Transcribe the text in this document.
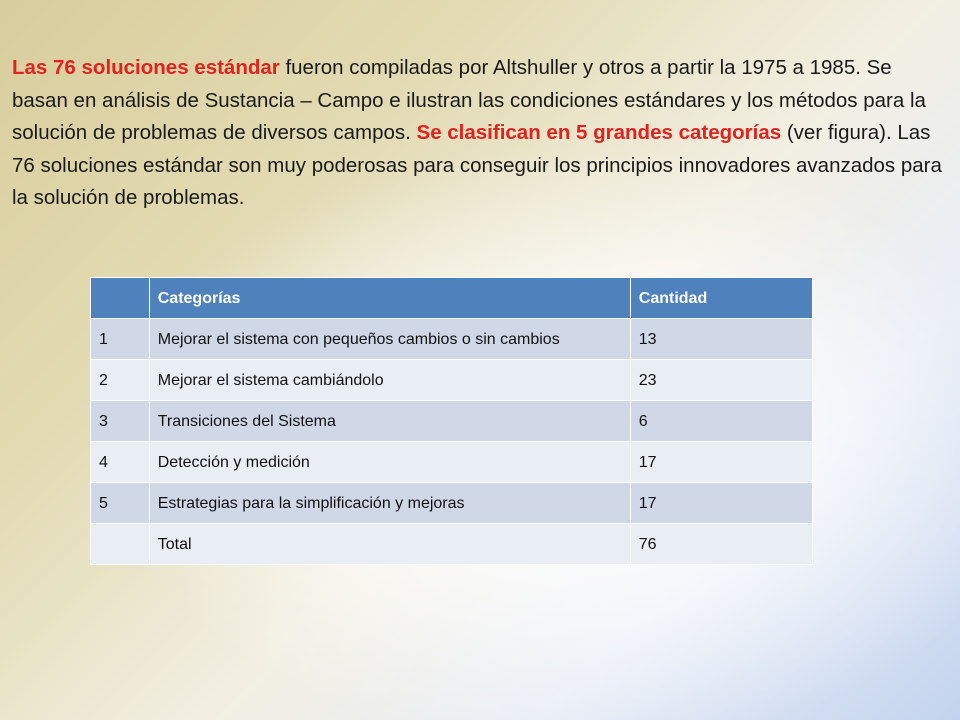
Las 76 soluciones estándar fueron compiladas por Altshuller y otros a partir la 1975 a 1985. Se basan en análisis de Sustancia – Campo e ilustran las condiciones estándares y los métodos para la solución de problemas de diversos campos. Se clasifican en 5 grandes categorías (ver figura). Las 76 soluciones estándar son muy poderosas para conseguir los principios innovadores avanzados para la solución de problemas.

	Categorías	Cantidad
1	Mejorar el sistema con pequeños cambios o sin cambios	13
2	Mejorar el sistema cambiándolo	23
3	Transiciones del Sistema	6
4	Detección y medición	17
5	Estrategias para la simplificación y mejoras	17
	Total	76
